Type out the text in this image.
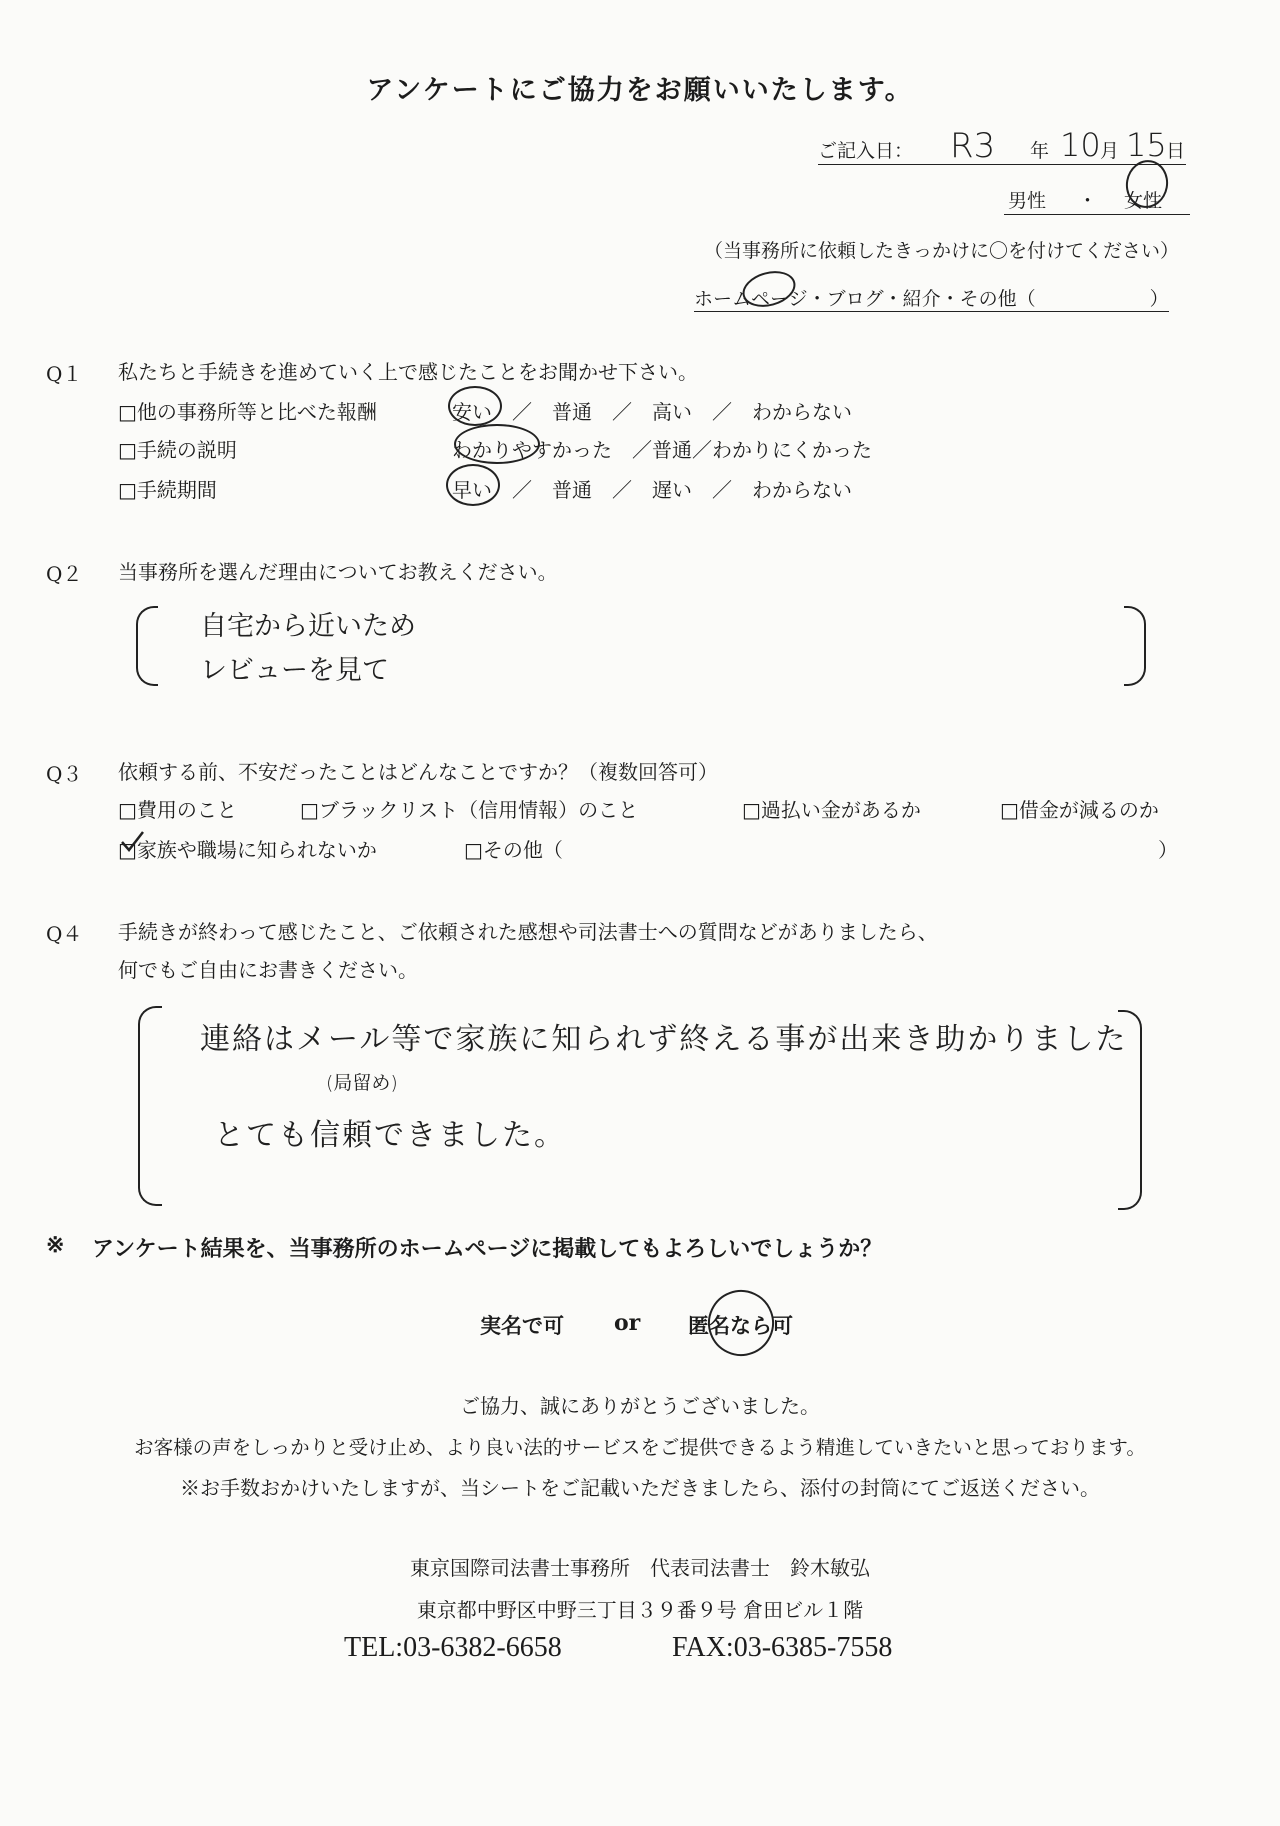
アンケートにご協力をお願いいたします。
ご記入日： R3 年 10 月 15 日
男性 ・ 女性
（当事務所に依頼したきっかけに〇を付けてください）
ホームページ・ブログ・紹介・その他（　　　　　　）
Q１ 私たちと手続きを進めていく上で感じたことをお聞かせ下さい。
□他の事務所等と比べた報酬	安い　／　普通　／　高い　／　わからない
□手続の説明	わかりやすかった　／普通／わかりにくかった
□手続期間	早い　／　普通　／　遅い　／　わからない
Q２ 当事務所を選んだ理由についてお教えください。
自宅から近いため
レビューを見て
Q３ 依頼する前、不安だったことはどんなことですか？（複数回答可）
□費用のこと	□ブラックリスト（信用情報）のこと	□過払い金があるか	□借金が減るのか
□家族や職場に知られないか	□その他（	）
Q４ 手続きが終わって感じたこと、ご依頼された感想や司法書士への質問などがありましたら、
何でもご自由にお書きください。
連絡はメール等で家族に知られず終える事が出来き助かりました
(局留め)
とても信頼できました。
※ アンケート結果を、当事務所のホームページに掲載してもよろしいでしょうか？
実名で可 or 匿名なら可
ご協力、誠にありがとうございました。
お客様の声をしっかりと受け止め、より良い法的サービスをご提供できるよう精進していきたいと思っております。
※お手数おかけいたしますが、当シートをご記載いただきましたら、添付の封筒にてご返送ください。
東京国際司法書士事務所　代表司法書士　鈴木敏弘
東京都中野区中野三丁目３９番９号 倉田ビル１階
TEL:03-6382-6658	FAX:03-6385-7558
